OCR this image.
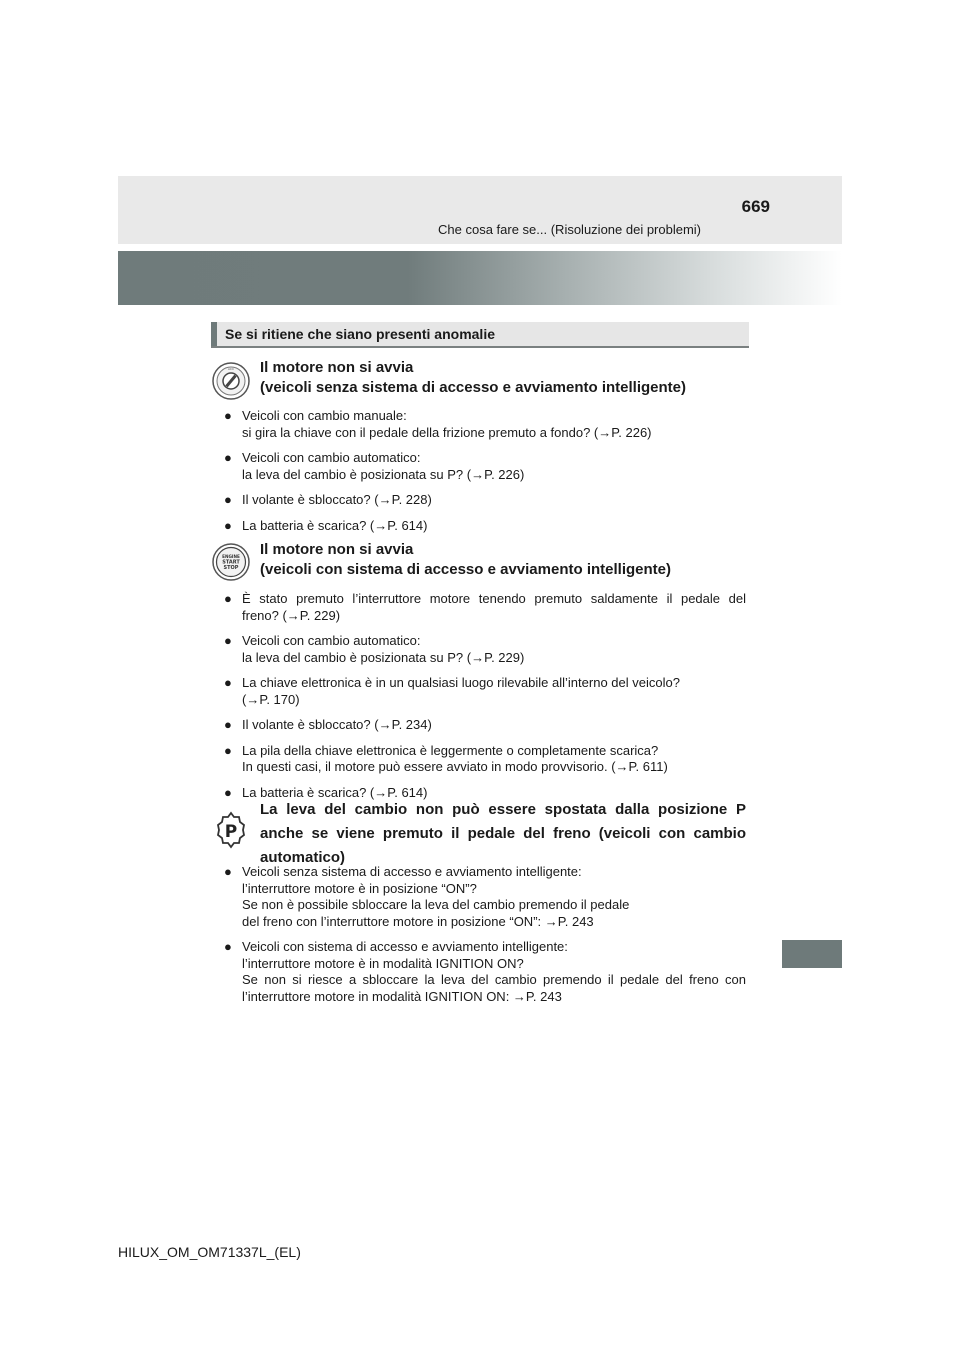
Che cosa fare se... (Risoluzione dei problemi)
669
Se si ritiene che siano presenti anomalie
ACC Il motore non si avvia
(veicoli senza sistema di accesso e avviamento intelligente)
● Veicoli con cambio manuale:
si gira la chiave con il pedale della frizione premuto a fondo? (→P. 226)
● Veicoli con cambio automatico:
la leva del cambio è posizionata su P? (→P. 226)
● Il volante è sbloccato? (→P. 228)
● La batteria è scarica? (→P. 614)
ENGINE
START
STOP
Il motore non si avvia
(veicoli con sistema di accesso e avviamento intelligente)
● È stato premuto l’interruttore motore tenendo premuto saldamente il pedale del
freno? (→P. 229)
● Veicoli con cambio automatico:
la leva del cambio è posizionata su P? (→P. 229)
● La chiave elettronica è in un qualsiasi luogo rilevabile all’interno del veicolo?
(→P. 170)
● Il volante è sbloccato? (→P. 234)
● La pila della chiave elettronica è leggermente o completamente scarica?
In questi casi, il motore può essere avviato in modo provvisorio. (→P. 611)
● La batteria è scarica? (→P. 614)
P
La leva del cambio non può essere spostata dalla posizione P
anche se viene premuto il pedale del freno (veicoli con cambio
automatico)
● Veicoli senza sistema di accesso e avviamento intelligente:
l’interruttore motore è in posizione “ON”?
Se non è possibile sbloccare la leva del cambio premendo il pedale
del freno con l’interruttore motore in posizione “ON”: →P. 243
● Veicoli con sistema di accesso e avviamento intelligente:
l’interruttore motore è in modalità IGNITION ON?
Se non si riesce a sbloccare la leva del cambio premendo il pedale del freno con
l’interruttore motore in modalità IGNITION ON: →P. 243
HILUX_OM_OM71337L_(EL)
